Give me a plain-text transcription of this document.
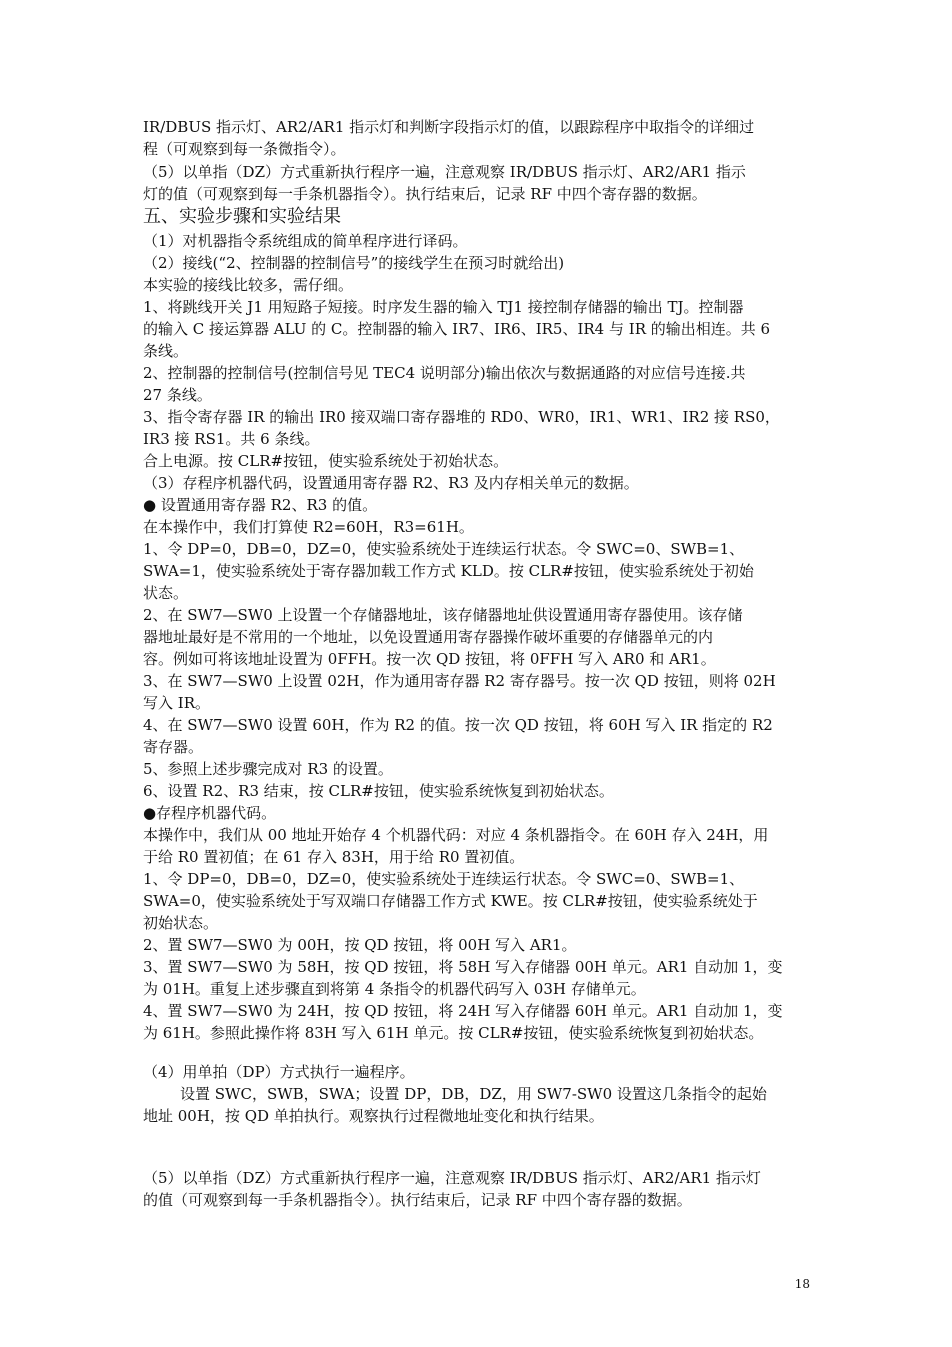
IR/DBUS 指示灯、AR2/AR1 指示灯和判断字段指示灯的值，以跟踪程序中取指令的详细过
程（可观察到每一条微指令）。
（5）以单指（DZ）方式重新执行程序一遍，注意观察 IR/DBUS 指示灯、AR2/AR1 指示
灯的值（可观察到每一手条机器指令）。执行结束后，记录 RF 中四个寄存器的数据。
五、实验步骤和实验结果
（1）对机器指令系统组成的简单程序进行译码。
（2）接线(“2、控制器的控制信号”的接线学生在预习时就给出)
本实验的接线比较多，需仔细。
1、将跳线开关 J1 用短路子短接。时序发生器的输入 TJ1 接控制存储器的输出 TJ。控制器
的输入 C 接运算器 ALU 的 C。控制器的输入 IR7、IR6、IR5、IR4 与 IR 的输出相连。共 6
条线。
2、控制器的控制信号(控制信号见 TEC4 说明部分)输出依次与数据通路的对应信号连接.共
27 条线。
3、指令寄存器 IR 的输出 IR0 接双端口寄存器堆的 RD0、WR0，IR1、WR1、IR2 接 RS0，
IR3 接 RS1。共 6 条线。
合上电源。按 CLR#按钮，使实验系统处于初始状态。
（3）存程序机器代码，设置通用寄存器 R2、R3 及内存相关单元的数据。
● 设置通用寄存器 R2、R3 的值。
在本操作中，我们打算使 R2=60H，R3=61H。
1、令 DP=0，DB=0，DZ=0，使实验系统处于连续运行状态。令 SWC=0、SWB=1、
SWA=1，使实验系统处于寄存器加载工作方式 KLD。按 CLR#按钮，使实验系统处于初始
状态。
2、在 SW7—SW0 上设置一个存储器地址，该存储器地址供设置通用寄存器使用。该存储
器地址最好是不常用的一个地址，以免设置通用寄存器操作破坏重要的存储器单元的内
容。例如可将该地址设置为 0FFH。按一次 QD 按钮，将 0FFH 写入 AR0 和 AR1。
3、在 SW7—SW0 上设置 02H，作为通用寄存器 R2 寄存器号。按一次 QD 按钮，则将 02H
写入 IR。
4、在 SW7—SW0 设置 60H，作为 R2 的值。按一次 QD 按钮，将 60H 写入 IR 指定的 R2
寄存器。
5、参照上述步骤完成对 R3 的设置。
6、设置 R2、R3 结束，按 CLR#按钮，使实验系统恢复到初始状态。
●存程序机器代码。
本操作中，我们从 00 地址开始存 4 个机器代码：对应 4 条机器指令。在 60H 存入 24H，用
于给 R0 置初值；在 61 存入 83H，用于给 R0 置初值。
1、令 DP=0，DB=0，DZ=0，使实验系统处于连续运行状态。令 SWC=0、SWB=1、
SWA=0，使实验系统处于写双端口存储器工作方式 KWE。按 CLR#按钮，使实验系统处于
初始状态。
2、置 SW7—SW0 为 00H，按 QD 按钮，将 00H 写入 AR1。
3、置 SW7—SW0 为 58H，按 QD 按钮，将 58H 写入存储器 00H 单元。AR1 自动加 1，变
为 01H。重复上述步骤直到将第 4 条指令的机器代码写入 03H 存储单元。
4、置 SW7—SW0 为 24H，按 QD 按钮，将 24H 写入存储器 60H 单元。AR1 自动加 1，变
为 61H。参照此操作将 83H 写入 61H 单元。按 CLR#按钮，使实验系统恢复到初始状态。
（4）用单拍（DP）方式执行一遍程序。
设置 SWC，SWB，SWA；设置 DP，DB，DZ，用 SW7-SW0 设置这几条指令的起始
地址 00H，按 QD 单拍执行。观察执行过程微地址变化和执行结果。
（5）以单指（DZ）方式重新执行程序一遍，注意观察 IR/DBUS 指示灯、AR2/AR1 指示灯
的值（可观察到每一手条机器指令）。执行结束后，记录 RF 中四个寄存器的数据。
18
